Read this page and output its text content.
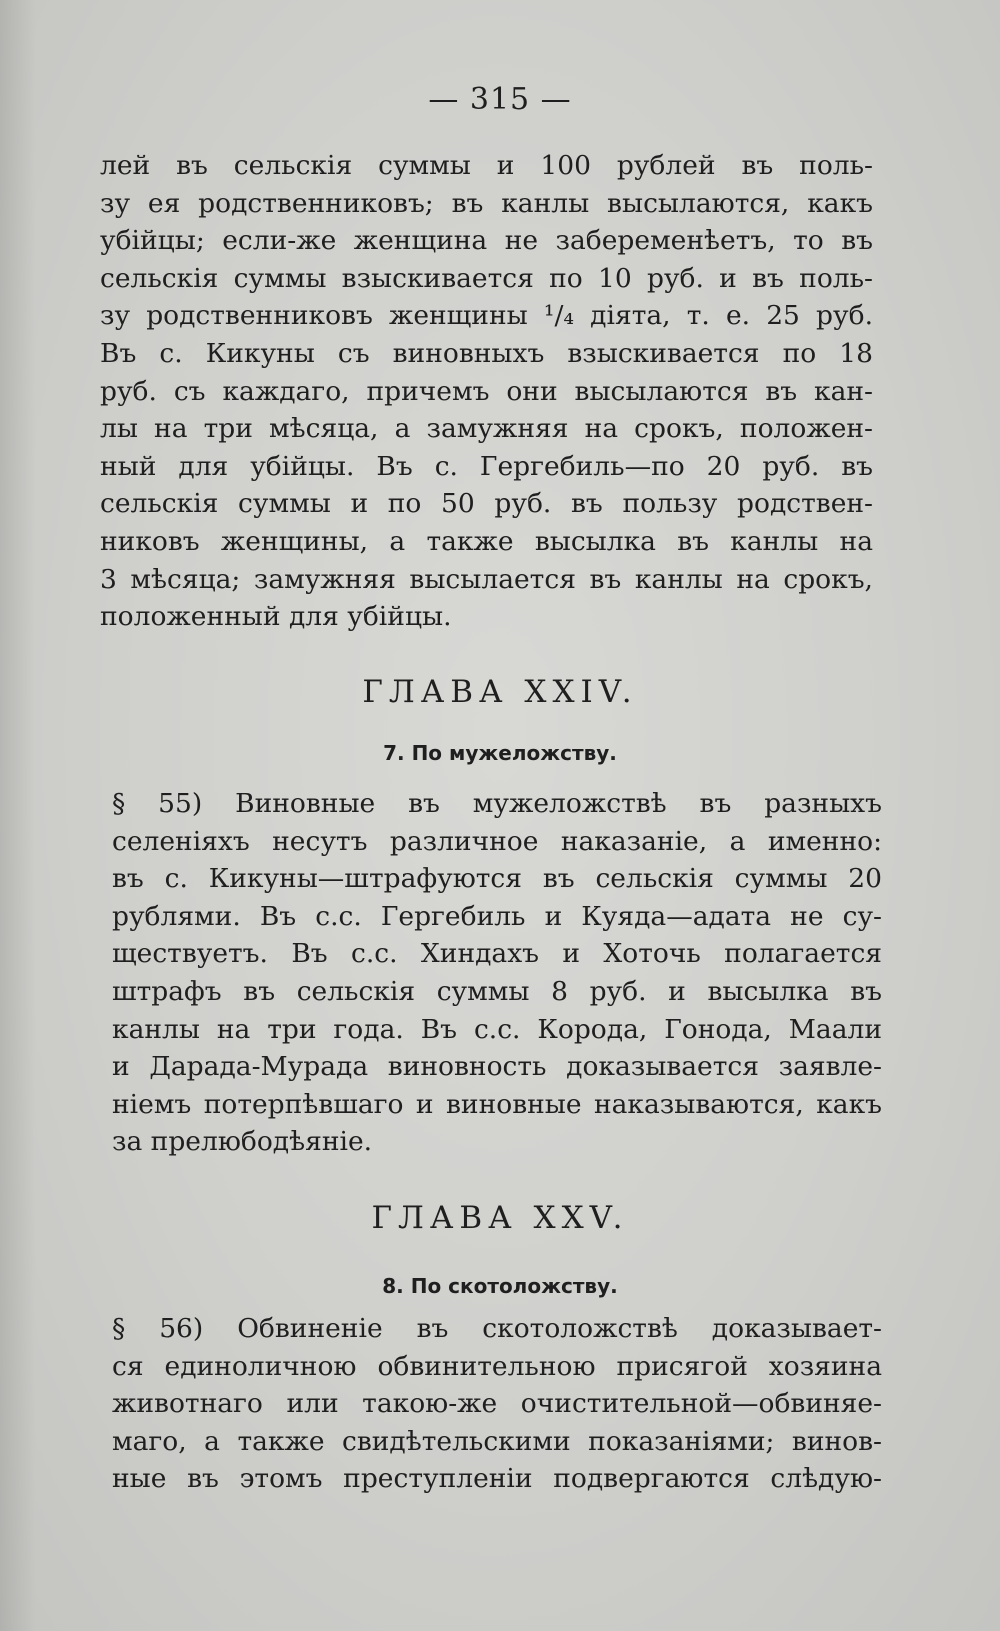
— 315 —
лей въ сельскія суммы и 100 рублей въ поль-
зу ея родственниковъ; въ канлы высылаются, какъ
убійцы; если-же женщина не забеременѣетъ, то въ
сельскія суммы взыскивается по 10 руб. и въ поль-
зу родственниковъ женщины ¹/₄ діята, т. е. 25 руб.
Въ с. Кикуны съ виновныхъ взыскивается по 18
руб. съ каждаго, причемъ они высылаются въ кан-
лы на три мѣсяца, а замужняя на срокъ, положен-
ный для убійцы. Въ с. Гергебиль—по 20 руб. въ
сельскія суммы и по 50 руб. въ пользу родствен-
никовъ женщины, а также высылка въ канлы на
3 мѣсяца; замужняя высылается въ канлы на срокъ,
положенный для убійцы.
ГЛАВА XXIV.
7. По мужеложству.
§ 55) Виновные въ мужеложствѣ въ разныхъ
селеніяхъ несутъ различное наказаніе, а именно:
въ с. Кикуны—штрафуются въ сельскія суммы 20
рублями. Въ с.с. Гергебиль и Куяда—адата не су-
ществуетъ. Въ с.с. Хиндахъ и Хоточь полагается
штрафъ въ сельскія суммы 8 руб. и высылка въ
канлы на три года. Въ с.с. Корода, Гонода, Маали
и Дарада-Мурада виновность доказывается заявле-
ніемъ потерпѣвшаго и виновные наказываются, какъ
за прелюбодѣяніе.
ГЛАВА XXV.
8. По скотоложству.
§ 56) Обвиненіе въ скотоложствѣ доказывает-
ся единоличною обвинительною присягой хозяина
животнаго или такою-же очистительной—обвиняе-
маго, а также свидѣтельскими показаніями; винов-
ные въ этомъ преступленіи подвергаются слѣдую-
